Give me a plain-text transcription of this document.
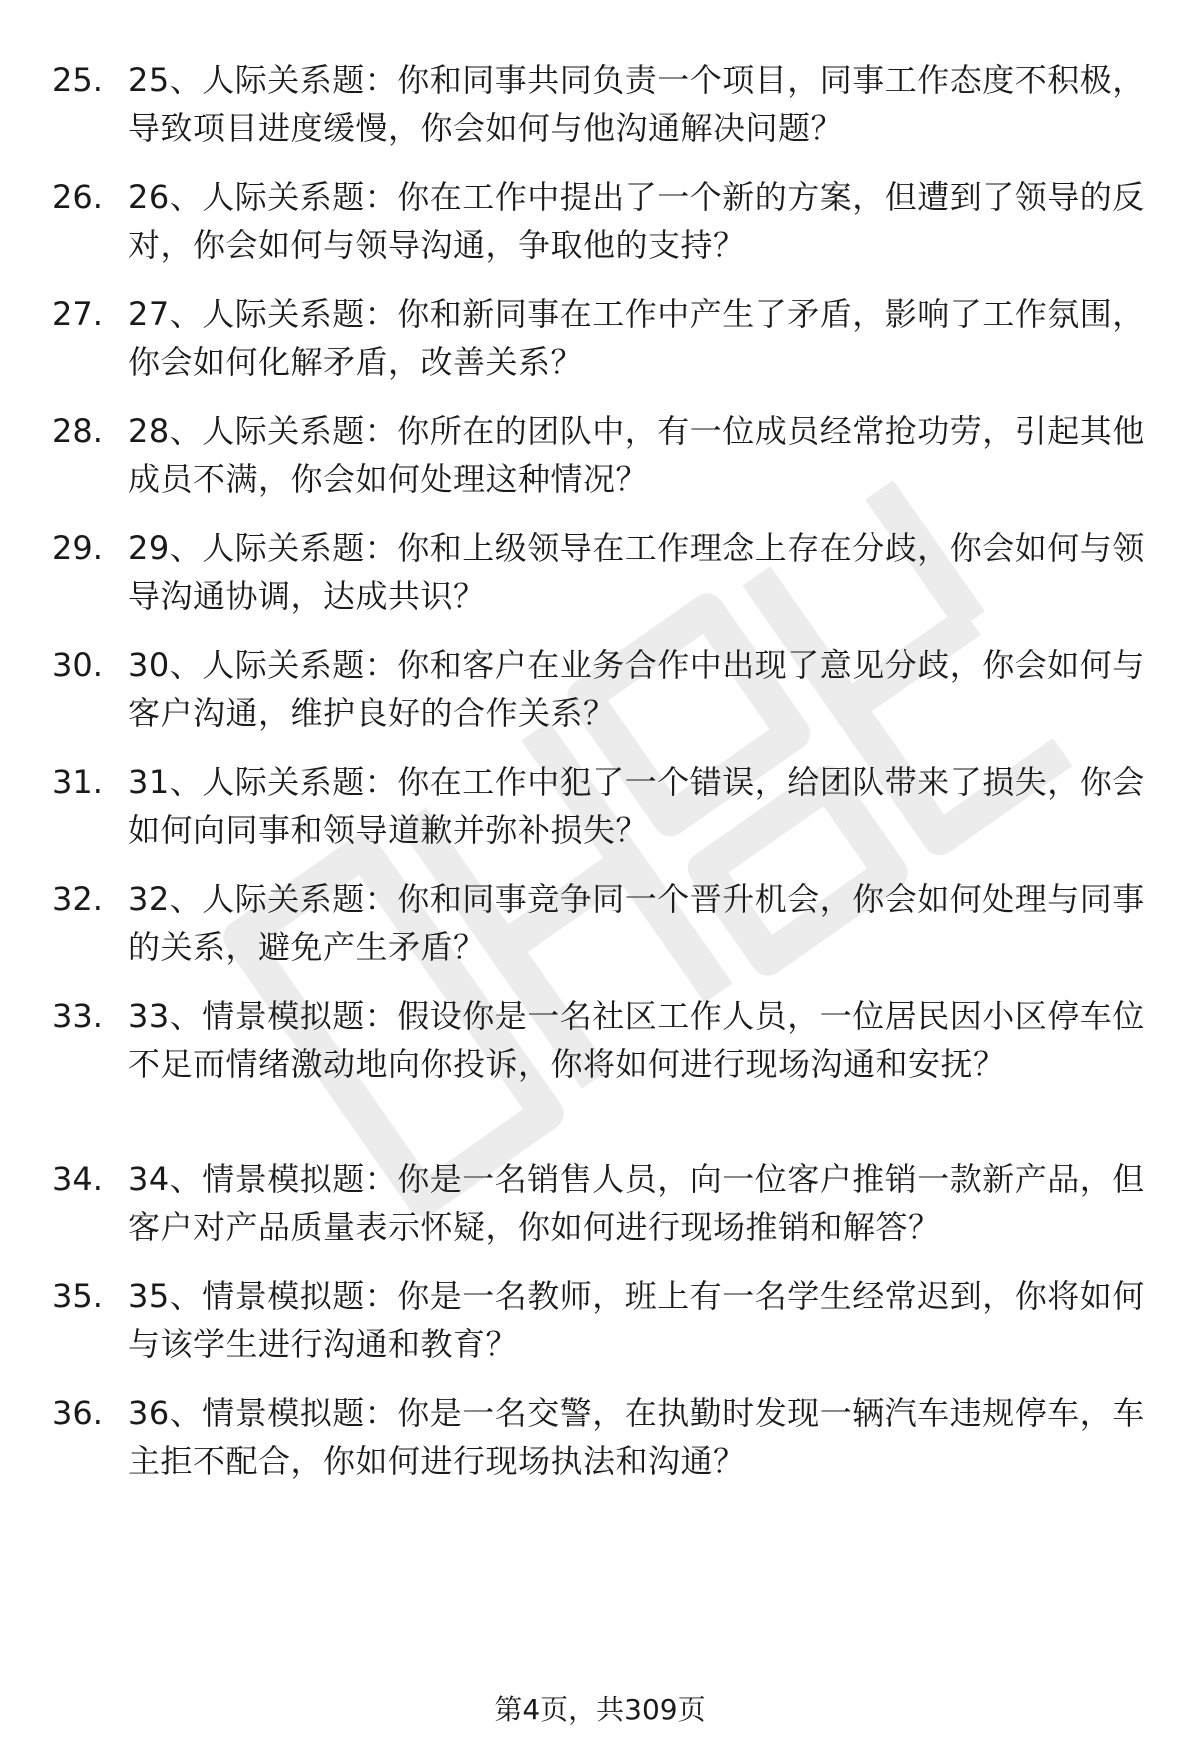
25. 25、人际关系题：你和同事共同负责一个项目，同事工作态度不积极，导致项目进度缓慢，你会如何与他沟通解决问题？
26. 26、人际关系题：你在工作中提出了一个新的方案，但遭到了领导的反对，你会如何与领导沟通，争取他的支持？
27. 27、人际关系题：你和新同事在工作中产生了矛盾，影响了工作氛围，你会如何化解矛盾，改善关系？
28. 28、人际关系题：你所在的团队中，有一位成员经常抢功劳，引起其他成员不满，你会如何处理这种情况？
29. 29、人际关系题：你和上级领导在工作理念上存在分歧，你会如何与领导沟通协调，达成共识？
30. 30、人际关系题：你和客户在业务合作中出现了意见分歧，你会如何与客户沟通，维护良好的合作关系？
31. 31、人际关系题：你在工作中犯了一个错误，给团队带来了损失，你会如何向同事和领导道歉并弥补损失？
32. 32、人际关系题：你和同事竞争同一个晋升机会，你会如何处理与同事的关系，避免产生矛盾？
33. 33、情景模拟题：假设你是一名社区工作人员，一位居民因小区停车位不足而情绪激动地向你投诉，你将如何进行现场沟通和安抚？
34. 34、情景模拟题：你是一名销售人员，向一位客户推销一款新产品，但客户对产品质量表示怀疑，你如何进行现场推销和解答？
35. 35、情景模拟题：你是一名教师，班上有一名学生经常迟到，你将如何与该学生进行沟通和教育？
36. 36、情景模拟题：你是一名交警，在执勤时发现一辆汽车违规停车，车主拒不配合，你如何进行现场执法和沟通？
第4页，共309页
